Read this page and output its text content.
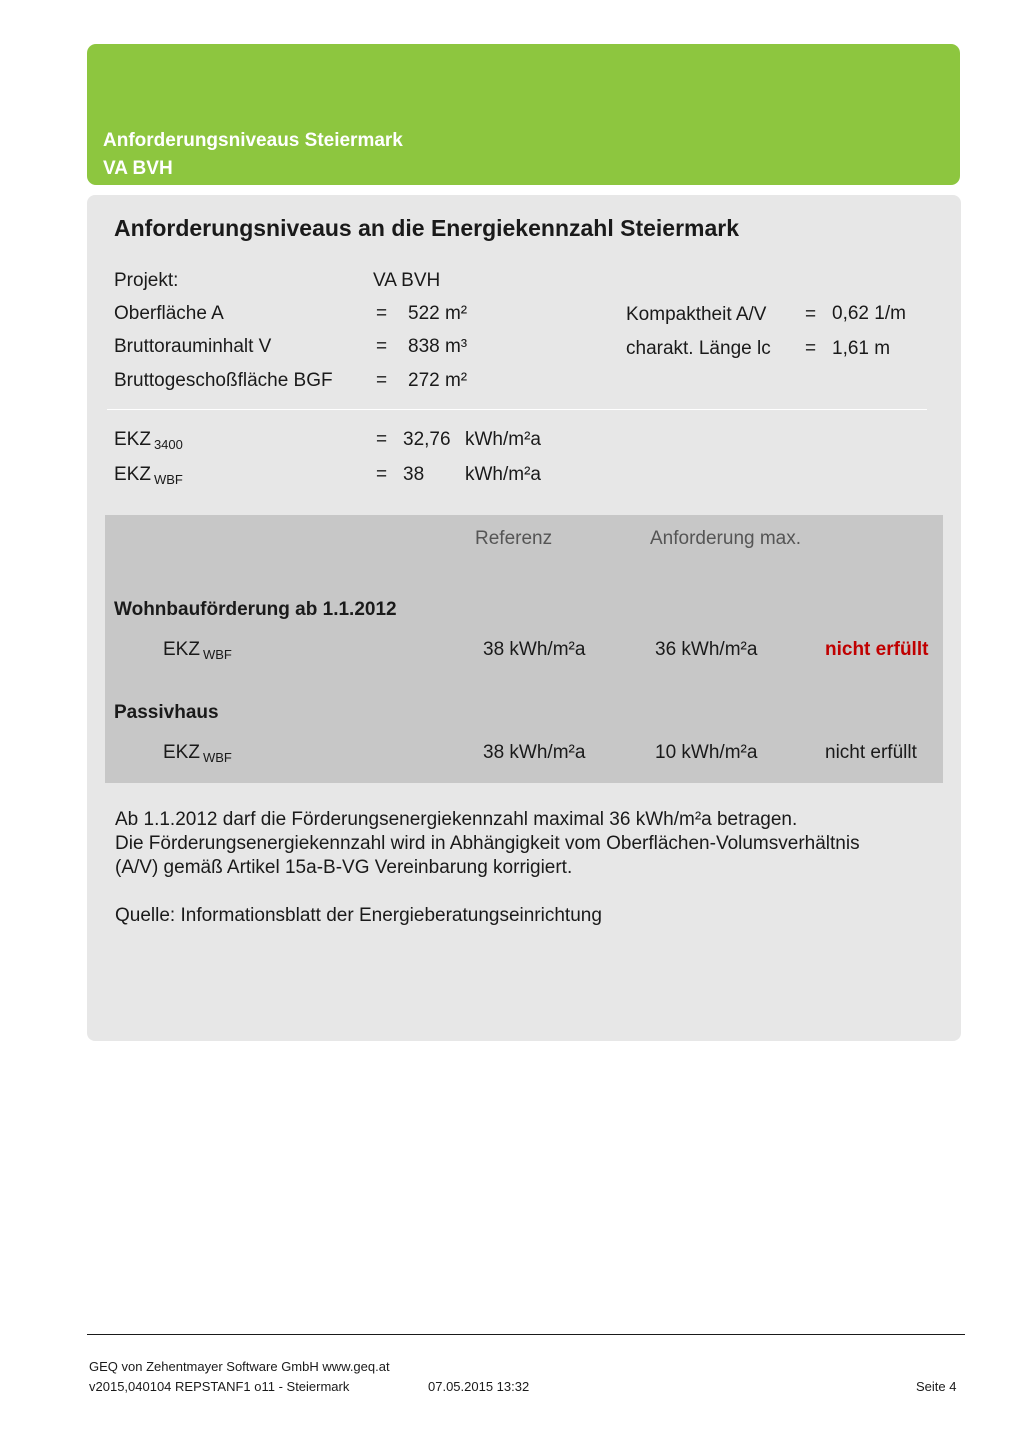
Anforderungsniveaus Steiermark
VA BVH
Anforderungsniveaus an die Energiekennzahl Steiermark
Projekt:	VA BVH
Oberfläche A	= 522 m²
Bruttorauminhalt V	= 838 m³
Bruttogeschoßfläche BGF = 272 m²
Kompaktheit A/V = 0,62 1/m
charakt. Länge lc = 1,61 m
EKZ $_{3400}$	= 32,76 kWh/m²a
EKZ $_{WBF}$	= 38 kWh/m²a
Referenz	Anforderung max.
Wohnbauförderung ab 1.1.2012
EKZ $_{WBF}$	38 kWh/m²a	36 kWh/m²a	nicht erfüllt
Passivhaus
EKZ $_{WBF}$	38 kWh/m²a	10 kWh/m²a	nicht erfüllt
Ab 1.1.2012 darf die Förderungsenergiekennzahl maximal 36 kWh/m²a betragen.
Die Förderungsenergiekennzahl wird in Abhängigkeit vom Oberflächen-Volumsverhältnis
(A/V) gemäß Artikel 15a-B-VG Vereinbarung korrigiert.
Quelle: Informationsblatt der Energieberatungseinrichtung
GEQ von Zehentmayer Software GmbH www.geq.at
v2015,040104 REPSTANF1 o11 - Steiermark	07.05.2015 13:32	Seite 4
